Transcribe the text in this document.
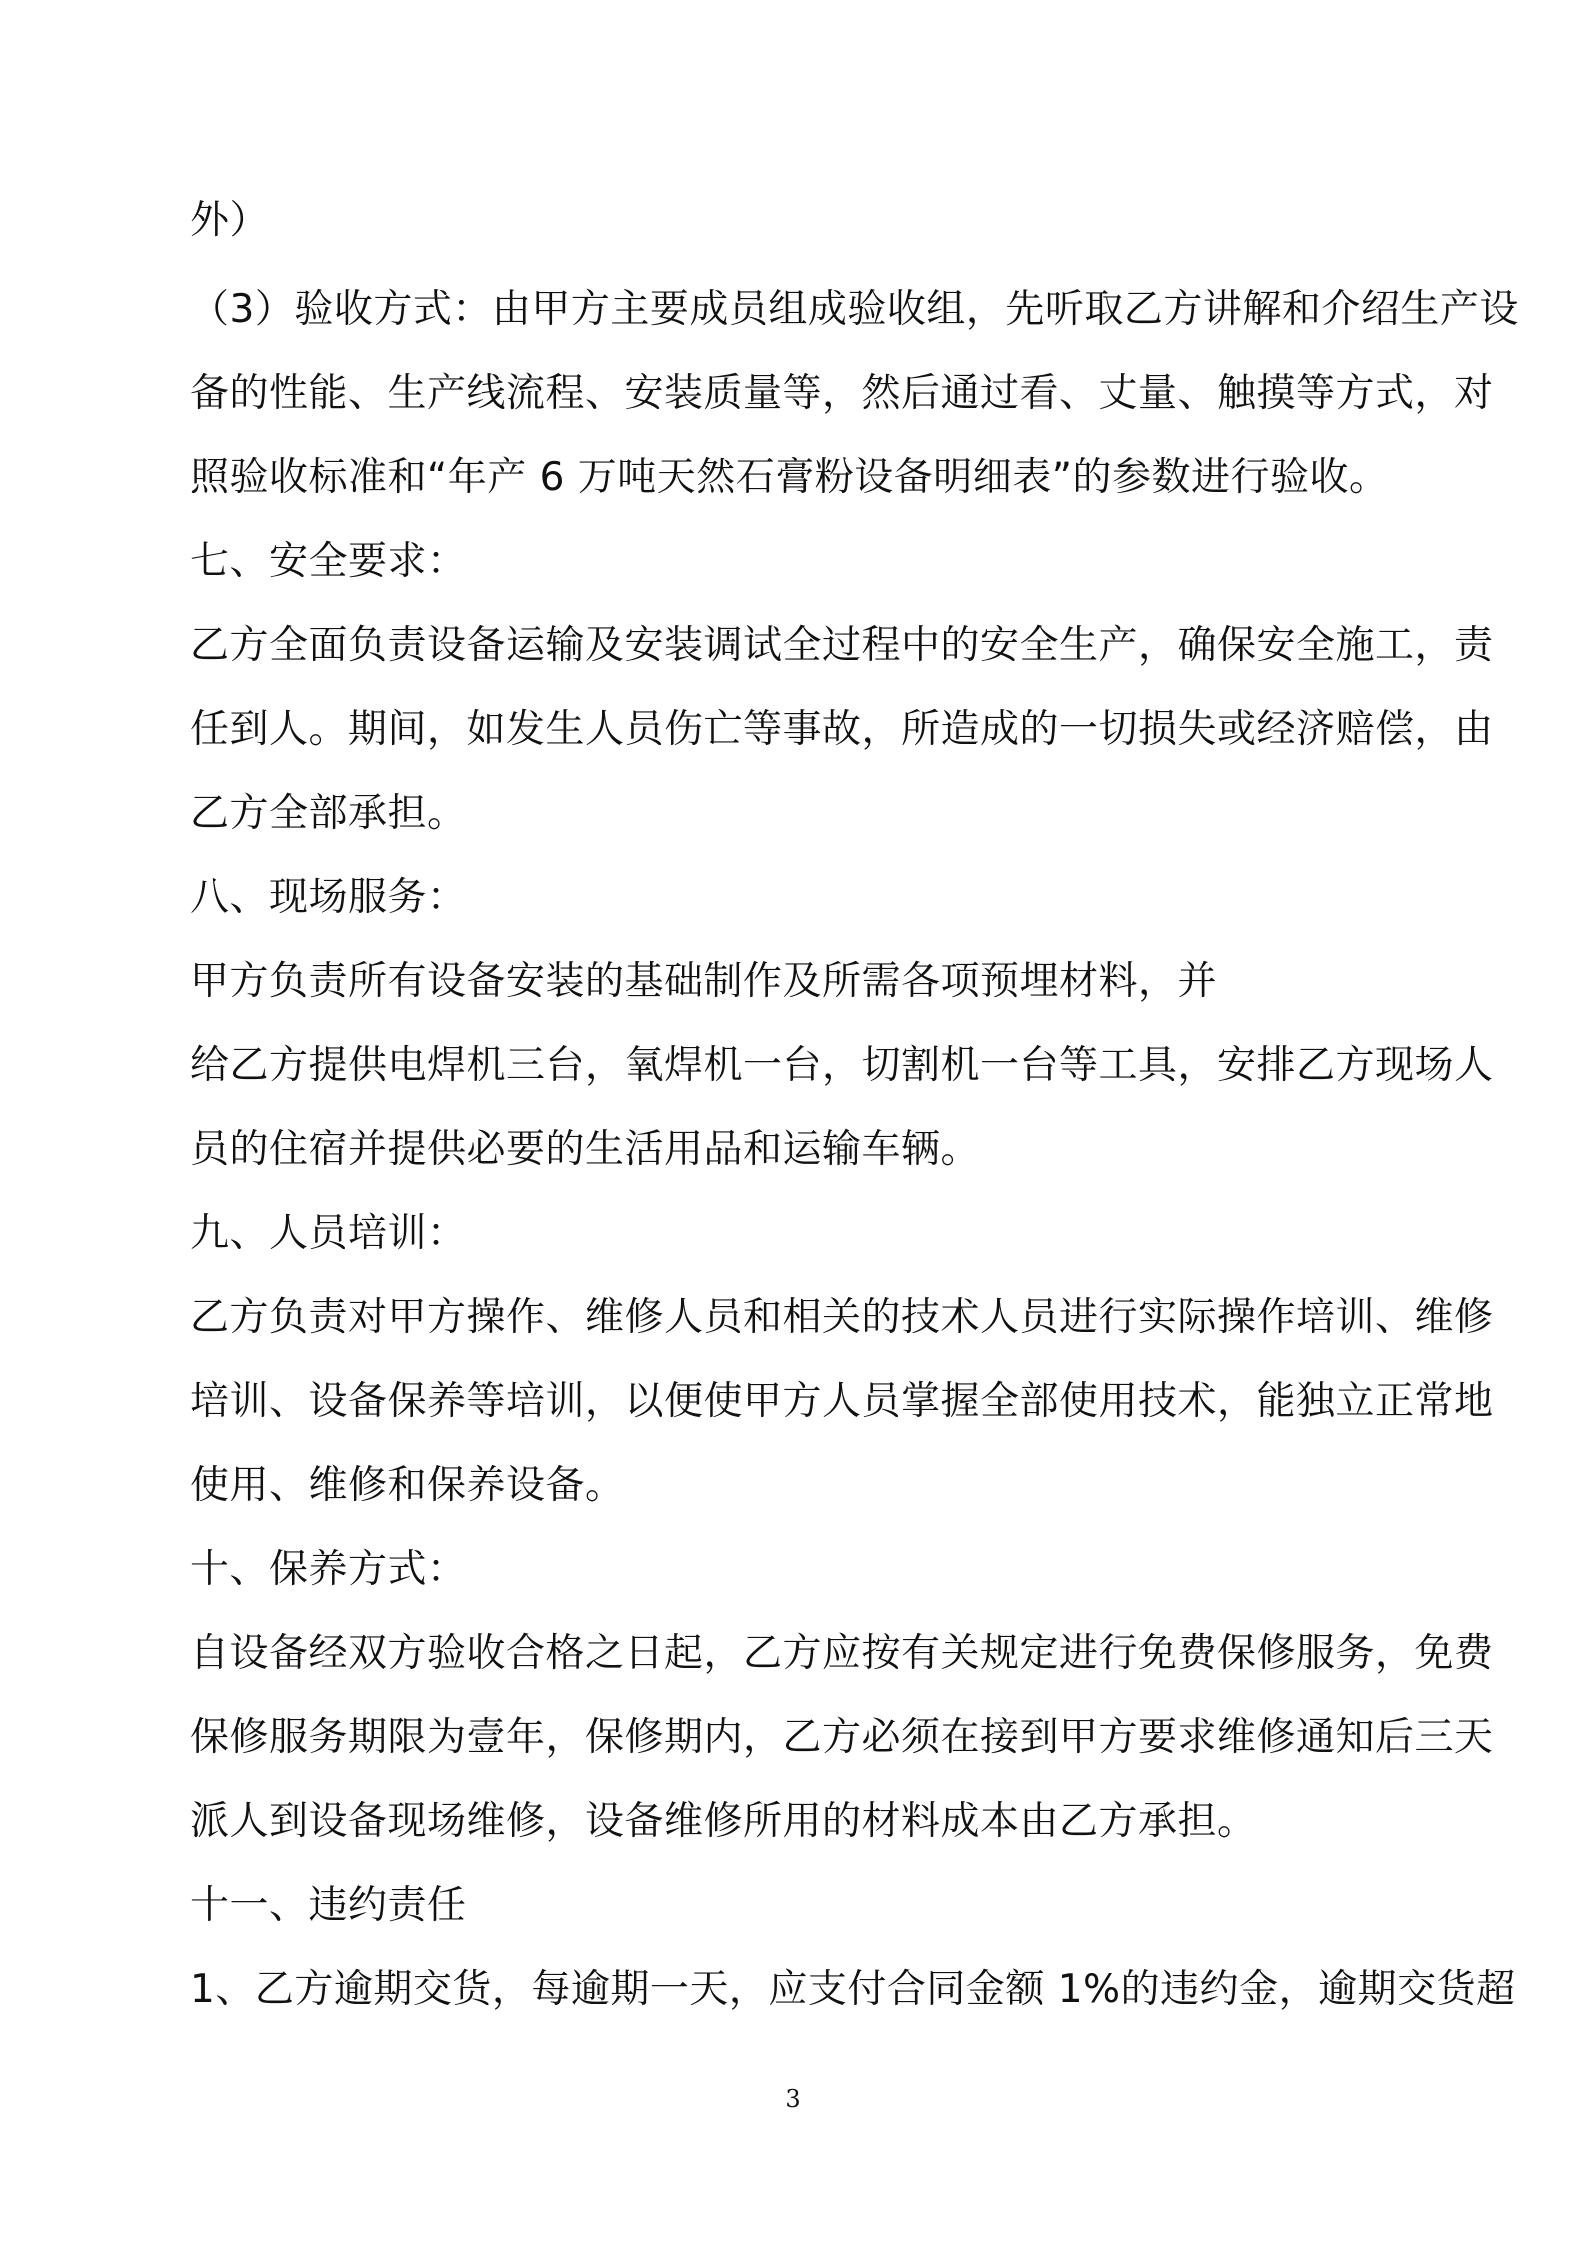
外）
（3）验收方式：由甲方主要成员组成验收组，先听取乙方讲解和介绍生产设
备的性能、生产线流程、安装质量等，然后通过看、丈量、触摸等方式，对
照验收标准和“年产 6 万吨天然石膏粉设备明细表”的参数进行验收。
七、安全要求：
乙方全面负责设备运输及安装调试全过程中的安全生产，确保安全施工，责
任到人。期间，如发生人员伤亡等事故，所造成的一切损失或经济赔偿，由
乙方全部承担。
八、现场服务：
甲方负责所有设备安装的基础制作及所需各项预埋材料，并
给乙方提供电焊机三台，氧焊机一台，切割机一台等工具，安排乙方现场人
员的住宿并提供必要的生活用品和运输车辆。
九、人员培训：
乙方负责对甲方操作、维修人员和相关的技术人员进行实际操作培训、维修
培训、设备保养等培训，以便使甲方人员掌握全部使用技术，能独立正常地
使用、维修和保养设备。
十、保养方式：
自设备经双方验收合格之日起，乙方应按有关规定进行免费保修服务，免费
保修服务期限为壹年，保修期内，乙方必须在接到甲方要求维修通知后三天
派人到设备现场维修，设备维修所用的材料成本由乙方承担。
十一、违约责任
1、乙方逾期交货，每逾期一天，应支付合同金额 1%的违约金，逾期交货超
3
